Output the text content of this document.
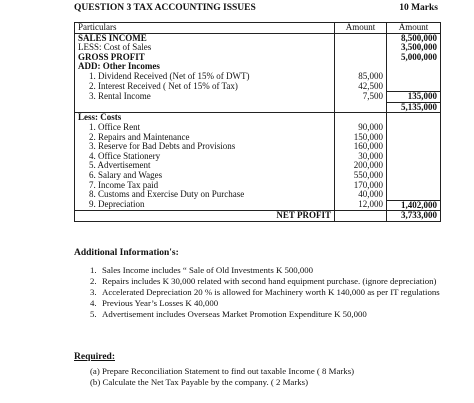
QUESTION 3 TAX ACCOUNTING ISSUES	10 Marks
Particulars	Amount	Amount
SALES INCOME		8,500,000
LESS: Cost of Sales		3,500,000
GROSS PROFIT		5,000,000
ADD: Other Incomes		
1. Dividend Received (Net of 15% of DWT)	85,000	
2. Interest Received ( Net of 15% of Tax)	42,500	
3. Rental Income	7,500	135,000
		5,135,000
Less: Costs		
1. Office Rent	90,000	
2. Repairs and Maintenance	150,000	
3. Reserve for Bad Debts and Provisions	160,000	
4. Office Stationery	30,000	
5. Advertisement	200,000	
6. Salary and Wages	550,000	
7. Income Tax paid	170,000	
8. Customs and Exercise Duty on Purchase	40,000	
9. Depreciation	12,000	1,402,000
NET PROFIT		3,733,000
Additional Information's:
1. Sales Income includes “ Sale of Old Investments K 500,000
2. Repairs includes K 30,000 related with second hand equipment purchase. (ignore depreciation)
3. Accelerated Depreciation 20 % is allowed for Machinery worth K 140,000 as per IT regulations
4. Previous Year’s Losses K 40,000
5. Advertisement includes Overseas Market Promotion Expenditure K 50,000
Required:
(a) Prepare Reconciliation Statement to find out taxable Income ( 8 Marks)
(b) Calculate the Net Tax Payable by the company. ( 2 Marks)
